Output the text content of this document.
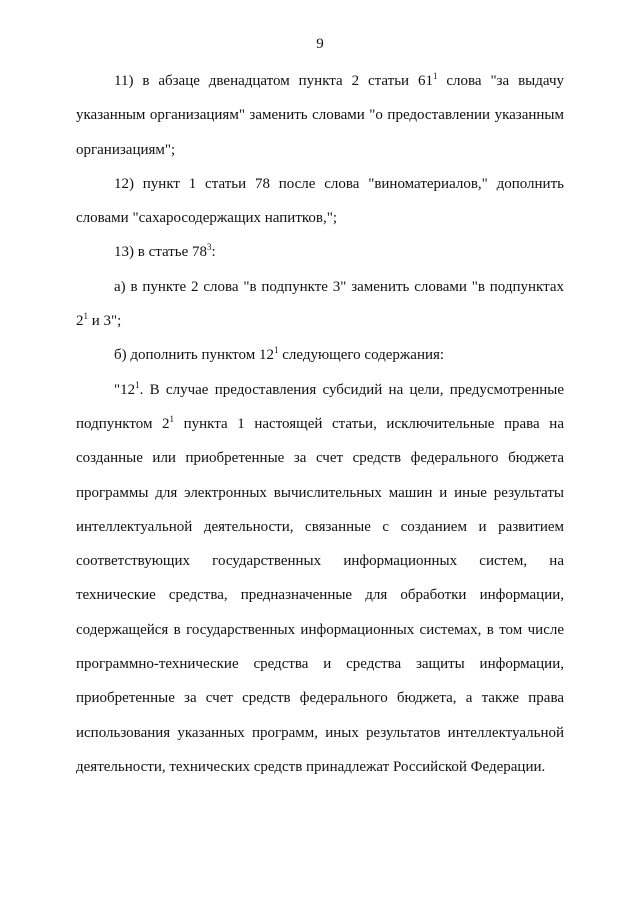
9

11) в абзаце двенадцатом пункта 2 статьи $61^1$ слова "за выдачу указанным организациям" заменить словами "о предоставлении указанным организациям";

12) пункт 1 статьи 78 после слова "виноматериалов," дополнить словами "сахаросодержащих напитков,";

13) в статье $78^3$:

а) в пункте 2 слова "в подпункте 3" заменить словами "в подпунктах $2^1$ и 3";

б) дополнить пунктом $12^1$ следующего содержания:

"$12^1$. В случае предоставления субсидий на цели, предусмотренные подпунктом $2^1$ пункта 1 настоящей статьи, исключительные права на созданные или приобретенные за счет средств федерального бюджета программы для электронных вычислительных машин и иные результаты интеллектуальной деятельности, связанные с созданием и развитием соответствующих государственных информационных систем, на технические средства, предназначенные для обработки информации, содержащейся в государственных информационных системах, в том числе программно-технические средства и средства защиты информации, приобретенные за счет средств федерального бюджета, а также права использования указанных программ, иных результатов интеллектуальной деятельности, технических средств принадлежат Российской Федерации.
